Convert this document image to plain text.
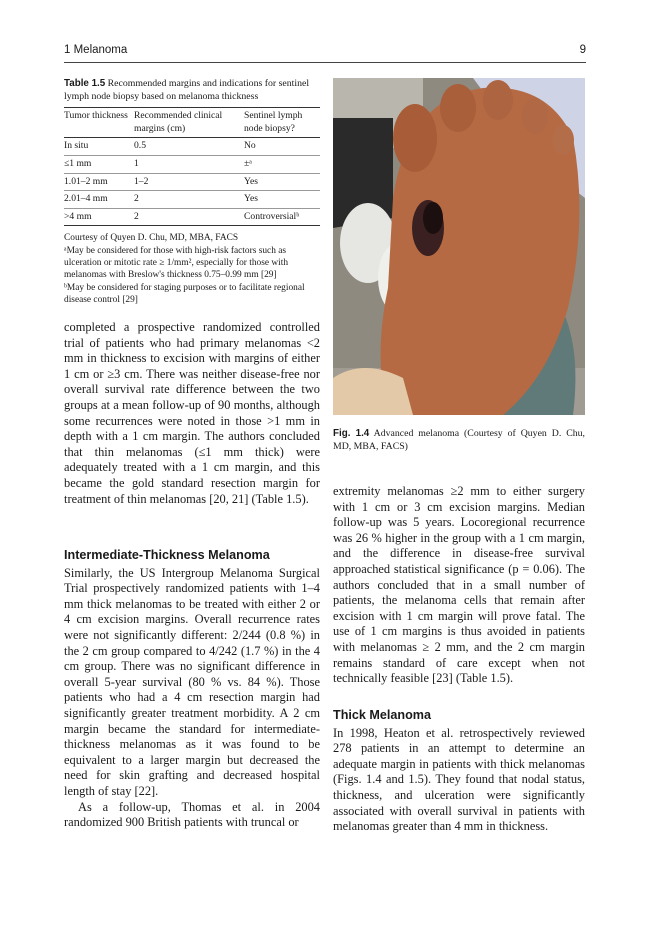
1 Melanoma	9
Table 1.5 Recommended margins and indications for sentinel lymph node biopsy based on melanoma thickness
Tumor thickness	Recommended clinical margins (cm)	Sentinel lymph node biopsy?
In situ	0.5	No
≤1 mm	1	±ᵃ
1.01–2 mm	1–2	Yes
2.01–4 mm	2	Yes
>4 mm	2	Controversialᵇ

Courtesy of Quyen D. Chu, MD, MBA, FACS

ᵃMay be considered for those with high-risk factors such as ulceration or mitotic rate ≥ 1/mm², especially for those with melanomas with Breslow's thickness 0.75–0.99 mm [29]

ᵇMay be considered for staging purposes or to facilitate regional disease control [29]

Fig. 1.4 Advanced melanoma (Courtesy of Quyen D. Chu, MD, MBA, FACS)

completed a prospective randomized controlled trial of patients who had primary melanomas <2 mm in thickness to excision with margins of either 1 cm or ≥3 cm. There was neither disease-free nor overall survival rate difference between the two groups at a mean follow-up of 90 months, although some recurrences were noted in those >1 mm in depth with a 1 cm margin. The authors concluded that thin melanomas (≤1 mm thick) were adequately treated with a 1 cm margin, and this became the gold standard resection margin for treatment of thin melanomas [20, 21] (Table 1.5).

Intermediate-Thickness Melanoma

Similarly, the US Intergroup Melanoma Surgical Trial prospectively randomized patients with 1–4 mm thick melanomas to be treated with either 2 or 4 cm excision margins. Overall recurrence rates were not significantly different: 2/244 (0.8 %) in the 2 cm group compared to 4/242 (1.7 %) in the 4 cm group. There was no significant difference in overall 5-year survival (80 % vs. 84 %). Those patients who had a 4 cm resection margin had significantly greater treatment morbidity. A 2 cm margin became the standard for intermediate-thickness melanomas as it was found to be equivalent to a larger margin but decreased the need for skin grafting and decreased hospital length of stay [22].

As a follow-up, Thomas et al. in 2004 randomized 900 British patients with truncal or

extremity melanomas ≥2 mm to either surgery with 1 cm or 3 cm excision margins. Median follow-up was 5 years. Locoregional recurrence was 26 % higher in the group with a 1 cm margin, and the difference in disease-free survival approached statistical significance (p = 0.06). The authors concluded that in a small number of patients, the melanoma cells that remain after excision with 1 cm margin will prove fatal. The use of 1 cm margins is thus avoided in patients with melanomas ≥ 2 mm, and the 2 cm margin remains standard of care except when not technically feasible [23] (Table 1.5).

Thick Melanoma

In 1998, Heaton et al. retrospectively reviewed 278 patients in an attempt to determine an adequate margin in patients with thick melanomas (Figs. 1.4 and 1.5). They found that nodal status, thickness, and ulceration were significantly associated with overall survival in patients with melanomas greater than 4 mm in thickness.
